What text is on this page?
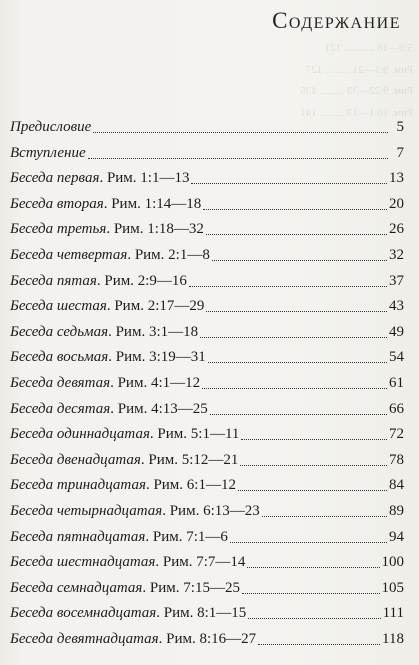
5:9—16 ........... 121
Рим. 9:1—21 ......... 127
Рим. 9:22—33 ......... 135
Рим. 10:1—13 ......... 141
Содержание
Предисловие	5
Вступление	7
Беседа первая. Рим. 1:1—13	13
Беседа вторая. Рим. 1:14—18	20
Беседа третья. Рим. 1:18—32	26
Беседа четвертая. Рим. 2:1—8	32
Беседа пятая. Рим. 2:9—16	37
Беседа шестая. Рим. 2:17—29	43
Беседа седьмая. Рим. 3:1—18	49
Беседа восьмая. Рим. 3:19—31	54
Беседа девятая. Рим. 4:1—12	61
Беседа десятая. Рим. 4:13—25	66
Беседа одиннадцатая. Рим. 5:1—11	72
Беседа двенадцатая. Рим. 5:12—21	78
Беседа тринадцатая. Рим. 6:1—12	84
Беседа четырнадцатая. Рим. 6:13—23	89
Беседа пятнадцатая. Рим. 7:1—6	94
Беседа шестнадцатая. Рим. 7:7—14	100
Беседа семнадцатая. Рим. 7:15—25	105
Беседа восемнадцатая. Рим. 8:1—15	111
Беседа девятнадцатая. Рим. 8:16—27	118
